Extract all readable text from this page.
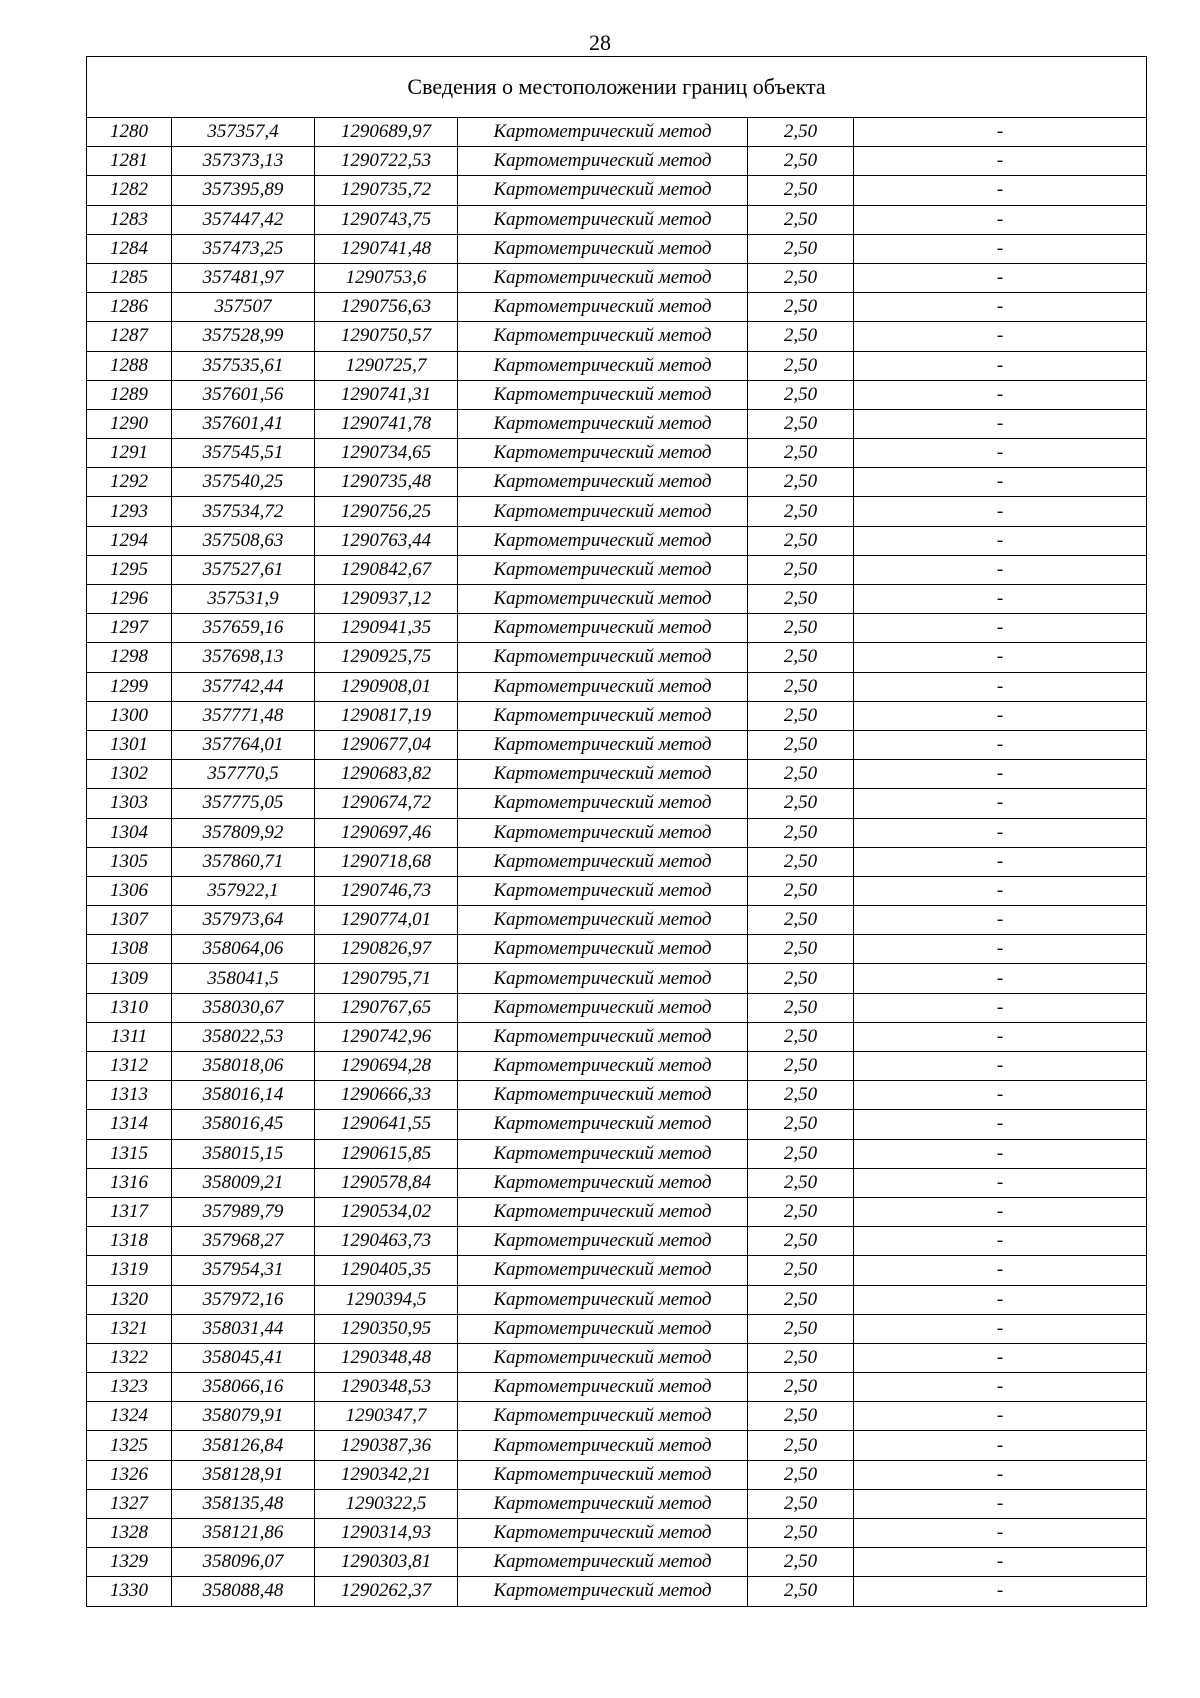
28
Сведения о местоположении границ объекта					
1280	357357,4	1290689,97	Картометрический метод	2,50	-
1281	357373,13	1290722,53	Картометрический метод	2,50	-
1282	357395,89	1290735,72	Картометрический метод	2,50	-
1283	357447,42	1290743,75	Картометрический метод	2,50	-
1284	357473,25	1290741,48	Картометрический метод	2,50	-
1285	357481,97	1290753,6	Картометрический метод	2,50	-
1286	357507	1290756,63	Картометрический метод	2,50	-
1287	357528,99	1290750,57	Картометрический метод	2,50	-
1288	357535,61	1290725,7	Картометрический метод	2,50	-
1289	357601,56	1290741,31	Картометрический метод	2,50	-
1290	357601,41	1290741,78	Картометрический метод	2,50	-
1291	357545,51	1290734,65	Картометрический метод	2,50	-
1292	357540,25	1290735,48	Картометрический метод	2,50	-
1293	357534,72	1290756,25	Картометрический метод	2,50	-
1294	357508,63	1290763,44	Картометрический метод	2,50	-
1295	357527,61	1290842,67	Картометрический метод	2,50	-
1296	357531,9	1290937,12	Картометрический метод	2,50	-
1297	357659,16	1290941,35	Картометрический метод	2,50	-
1298	357698,13	1290925,75	Картометрический метод	2,50	-
1299	357742,44	1290908,01	Картометрический метод	2,50	-
1300	357771,48	1290817,19	Картометрический метод	2,50	-
1301	357764,01	1290677,04	Картометрический метод	2,50	-
1302	357770,5	1290683,82	Картометрический метод	2,50	-
1303	357775,05	1290674,72	Картометрический метод	2,50	-
1304	357809,92	1290697,46	Картометрический метод	2,50	-
1305	357860,71	1290718,68	Картометрический метод	2,50	-
1306	357922,1	1290746,73	Картометрический метод	2,50	-
1307	357973,64	1290774,01	Картометрический метод	2,50	-
1308	358064,06	1290826,97	Картометрический метод	2,50	-
1309	358041,5	1290795,71	Картометрический метод	2,50	-
1310	358030,67	1290767,65	Картометрический метод	2,50	-
1311	358022,53	1290742,96	Картометрический метод	2,50	-
1312	358018,06	1290694,28	Картометрический метод	2,50	-
1313	358016,14	1290666,33	Картометрический метод	2,50	-
1314	358016,45	1290641,55	Картометрический метод	2,50	-
1315	358015,15	1290615,85	Картометрический метод	2,50	-
1316	358009,21	1290578,84	Картометрический метод	2,50	-
1317	357989,79	1290534,02	Картометрический метод	2,50	-
1318	357968,27	1290463,73	Картометрический метод	2,50	-
1319	357954,31	1290405,35	Картометрический метод	2,50	-
1320	357972,16	1290394,5	Картометрический метод	2,50	-
1321	358031,44	1290350,95	Картометрический метод	2,50	-
1322	358045,41	1290348,48	Картометрический метод	2,50	-
1323	358066,16	1290348,53	Картометрический метод	2,50	-
1324	358079,91	1290347,7	Картометрический метод	2,50	-
1325	358126,84	1290387,36	Картометрический метод	2,50	-
1326	358128,91	1290342,21	Картометрический метод	2,50	-
1327	358135,48	1290322,5	Картометрический метод	2,50	-
1328	358121,86	1290314,93	Картометрический метод	2,50	-
1329	358096,07	1290303,81	Картометрический метод	2,50	-
1330	358088,48	1290262,37	Картометрический метод	2,50	-
